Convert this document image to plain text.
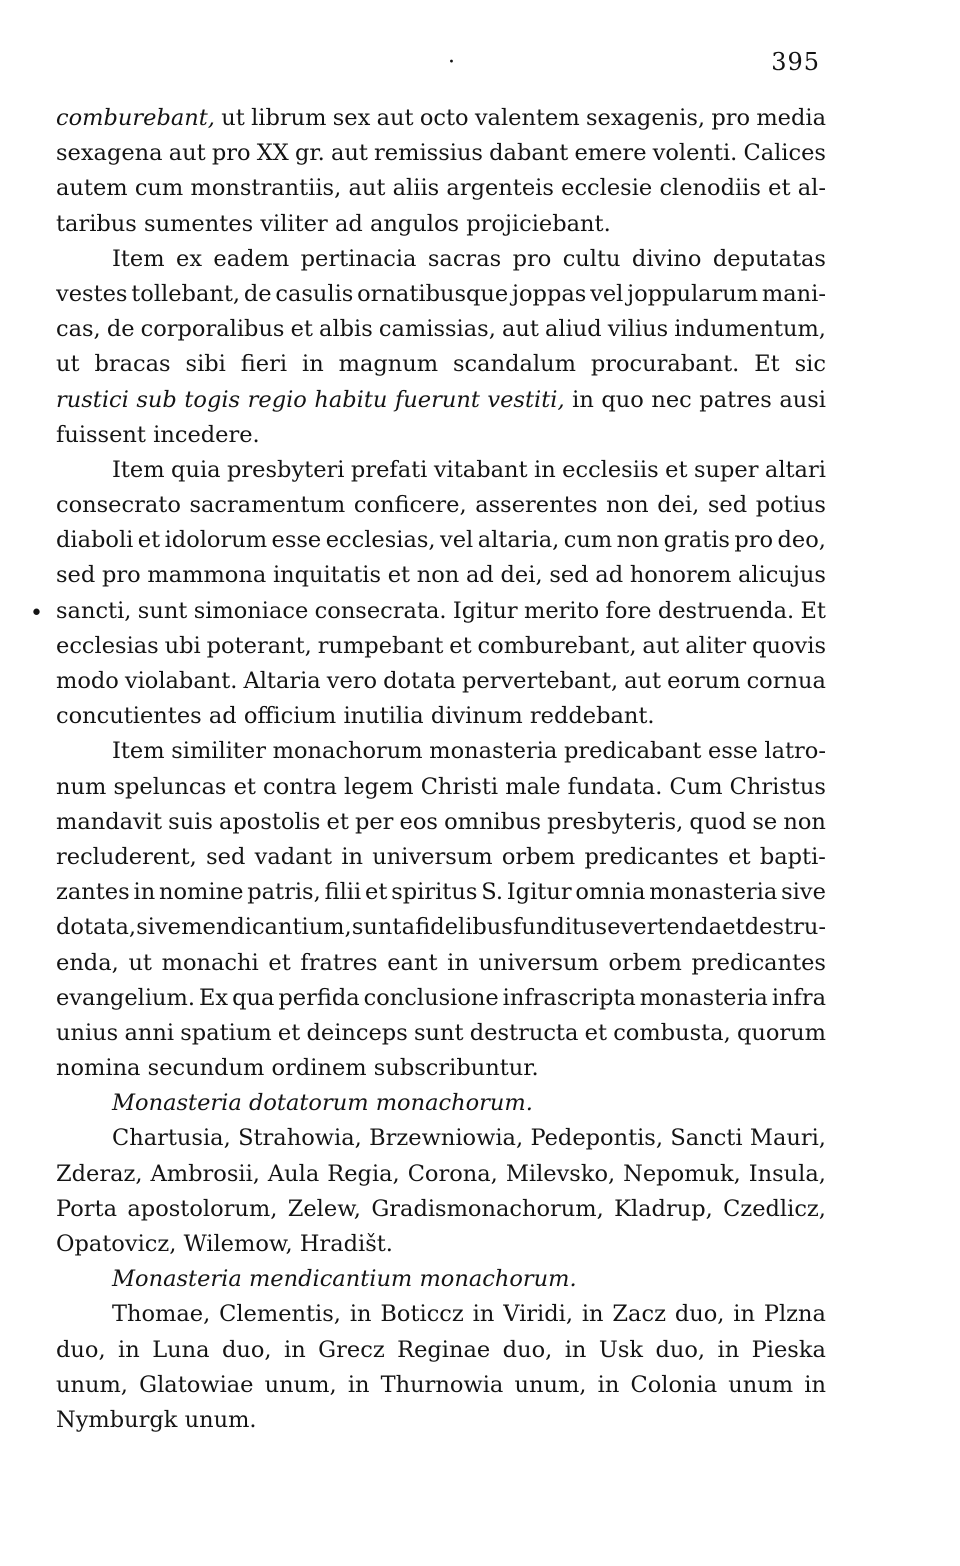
395
·
•
comburebant, ut librum sex aut octo valentem sexagenis, pro media
sexagena aut pro XX gr. aut remissius dabant emere volenti. Calices
autem cum monstrantiis, aut aliis argenteis ecclesie clenodiis et al-
taribus sumentes viliter ad angulos projiciebant.
Item ex eadem pertinacia sacras pro cultu divino deputatas
vestes tollebant, de casulis ornatibusque joppas vel joppularum mani-
cas, de corporalibus et albis camissias, aut aliud vilius indumentum,
ut bracas sibi fieri in magnum scandalum procurabant. Et sic
rustici sub togis regio habitu fuerunt vestiti, in quo nec patres ausi
fuissent incedere.
Item quia presbyteri prefati vitabant in ecclesiis et super altari
consecrato sacramentum conficere, asserentes non dei, sed potius
diaboli et idolorum esse ecclesias, vel altaria, cum non gratis pro deo,
sed pro mammona inquitatis et non ad dei, sed ad honorem alicujus
sancti, sunt simoniace consecrata. Igitur merito fore destruenda. Et
ecclesias ubi poterant, rumpebant et comburebant, aut aliter quovis
modo violabant. Altaria vero dotata pervertebant, aut eorum cornua
concutientes ad officium inutilia divinum reddebant.
Item similiter monachorum monasteria predicabant esse latro-
num speluncas et contra legem Christi male fundata. Cum Christus
mandavit suis apostolis et per eos omnibus presbyteris, quod se non
recluderent, sed vadant in universum orbem predicantes et bapti-
zantes in nomine patris, filii et spiritus S. Igitur omnia monasteria sive
dotata, sive mendicantium, sunt a fidelibus funditus evertenda et destru-
enda, ut monachi et fratres eant in universum orbem predicantes
evangelium. Ex qua perfida conclusione infrascripta monasteria infra
unius anni spatium et deinceps sunt destructa et combusta, quorum
nomina secundum ordinem subscribuntur.
Monasteria dotatorum monachorum.
Chartusia, Strahowia, Brzewniowia, Pedepontis, Sancti Mauri,
Zderaz, Ambrosii, Aula Regia, Corona, Milevsko, Nepomuk, Insula,
Porta apostolorum, Zelew, Gradismonachorum, Kladrup, Czedlicz,
Opatovicz, Wilemow, Hradišt.
Monasteria mendicantium monachorum.
Thomae, Clementis, in Boticcz in Viridi, in Zacz duo, in Plzna
duo, in Luna duo, in Grecz Reginae duo, in Usk duo, in Pieska
unum, Glatowiae unum, in Thurnowia unum, in Colonia unum in
Nymburgk unum.
